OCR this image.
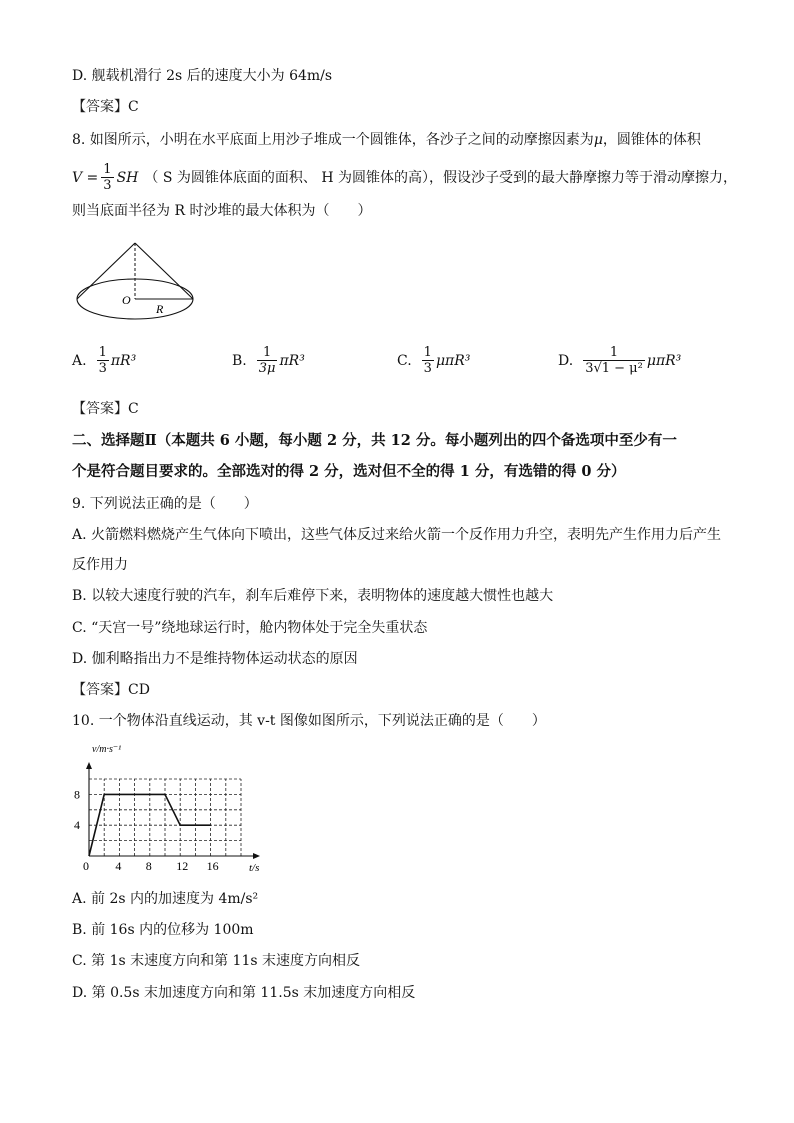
D. 舰载机滑行 2s 后的速度大小为 64m/s
【答案】C
8. 如图所示，小明在水平底面上用沙子堆成一个圆锥体，各沙子之间的动摩擦因素为μ，圆锥体的体积
$V = \frac{1}{3}$ SH （ S 为圆锥体底面的面积、 H 为圆锥体的高），假设沙子受到的最大静摩擦力等于滑动摩擦力，
则当底面半径为 R 时沙堆的最大体积为（　　）
O
R
A. $\frac{1}{3} \pi R^3$	B. $\frac{1}{3\mu} \pi R^3$	C. $\frac{1}{3} \mu\pi R^3$	D. $\frac{1}{\text{3√1 − μ²}} \mu\pi R^3$
【答案】C
二、选择题Ⅱ（本题共 6 小题，每小题 2 分，共 12 分。每小题列出的四个备选项中至少有一
个是符合题目要求的。全部选对的得 2 分，选对但不全的得 1 分，有选错的得 0 分）
9. 下列说法正确的是（　　）
A. 火箭燃料燃烧产生气体向下喷出，这些气体反过来给火箭一个反作用力升空，表明先产生作用力后产生
反作用力
B. 以较大速度行驶的汽车，刹车后难停下来，表明物体的速度越大惯性也越大
C. “天宫一号”绕地球运行时，舱内物体处于完全失重状态
D. 伽利略指出力不是维持物体运动状态的原因
【答案】CD
10. 一个物体沿直线运动，其 v-t 图像如图所示，下列说法正确的是（　　）
0 4 8 12 16
4
8
t/s
v/m·s⁻¹
A. 前 2s 内的加速度为 4m/s²
B. 前 16s 内的位移为 100m
C. 第 1s 末速度方向和第 11s 末速度方向相反
D. 第 0.5s 末加速度方向和第 11.5s 末加速度方向相反
